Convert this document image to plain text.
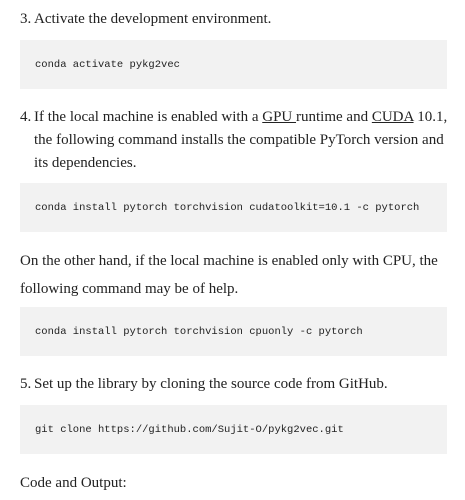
3. Activate the development environment.
conda activate pykg2vec
4. If the local machine is enabled with a GPU runtime and CUDA 10.1, the following command installs the compatible PyTorch version and its dependencies.
conda install pytorch torchvision cudatoolkit=10.1 -c pytorch
On the other hand, if the local machine is enabled only with CPU, the following command may be of help.
conda install pytorch torchvision cpuonly -c pytorch
5. Set up the library by cloning the source code from GitHub.
git clone https://github.com/Sujit-O/pykg2vec.git
Code and Output:
